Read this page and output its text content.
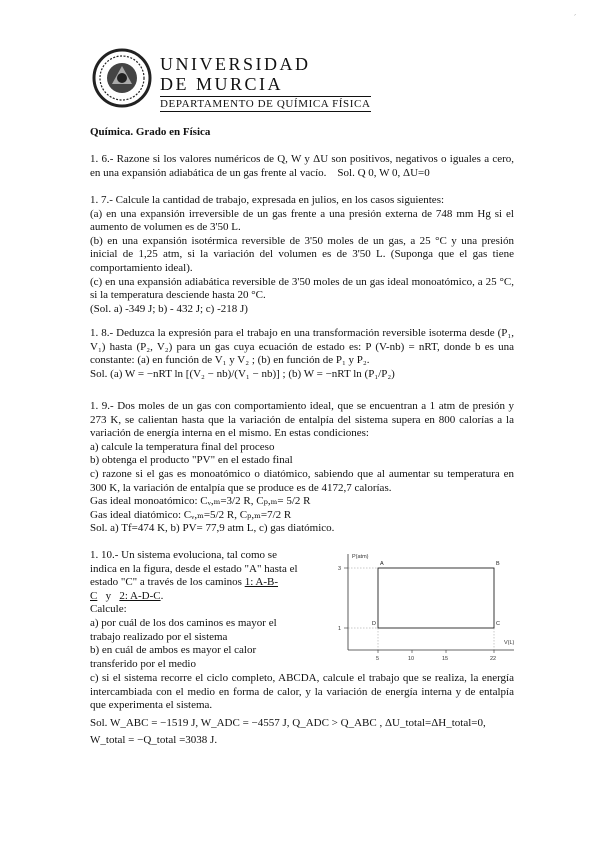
UNIVERSIDAD
DE MURCIA
DEPARTAMENTO DE QUÍMICA FÍSICA
´
Química. Grado en Física

1. 6.- Razone si los valores numéricos de Q, W y ΔU son positivos, negativos o iguales a cero, en una expansión adiabática de un gas frente al vacío. Sol. Q 0, W 0, ΔU=0

1. 7.- Calcule la cantidad de trabajo, expresada en julios, en los casos siguientes:

(a) en una expansión irreversible de un gas frente a una presión externa de 748 mm Hg si el aumento de volumen es de 3'50 L.

(b) en una expansión isotérmica reversible de 3'50 moles de un gas, a 25 °C y una presión inicial de 1,25 atm, si la variación del volumen es de 3'50 L. (Suponga que el gas tiene comportamiento ideal).

(c) en una expansión adiabática reversible de 3'50 moles de un gas ideal monoatómico, a 25 °C, si la temperatura desciende hasta 20 °C.

(Sol. a) -349 J; b) - 432 J; c) -218 J)

1. 8.- Deduzca la expresión para el trabajo en una transformación reversible isoterma desde (P₁, V₁) hasta (P₂, V₂) para un gas cuya ecuación de estado es: P (V-nb) = nRT, donde b es una constante: (a) en función de V₁ y V₂ ; (b) en función de P₁ y P₂.

Sol. (a) W = −nRT ln [(V₂ − nb)/(V₁ − nb)] ; (b) W = −nRT ln (P₁/P₂)

1. 9.- Dos moles de un gas con comportamiento ideal, que se encuentran a 1 atm de presión y 273 K, se calientan hasta que la variación de entalpía del sistema supera en 800 calorías a la variación de energía interna en el mismo. En estas condiciones:

a) calcule la temperatura final del proceso

b) obtenga el producto "PV" en el estado final

c) razone si el gas es monoatómico o diatómico, sabiendo que al aumentar su temperatura en 300 K, la variación de entalpía que se produce es de 4172,7 calorías.

Gas ideal monoatómico: Cᵥ,ₘ=3/2 R, Cₚ,ₘ= 5/2 R

Gas ideal diatómico: Cᵥ,ₘ=5/2 R, Cₚ,ₘ=7/2 R

Sol. a) Tf=474 K, b) PV= 77,9 atm L, c) gas diatómico.

1. 10.- Un sistema evoluciona, tal como se indica en la figura, desde el estado "A" hasta el estado "C" a través de los caminos 1: A-B-C y 2: A-D-C.

Calcule:

a) por cuál de los dos caminos es mayor el trabajo realizado por el sistema

b) en cuál de ambos es mayor el calor transferido por el medio

P(atm)
V(L)
3
1
5	10	15	22
A	B
C
D

c) si el sistema recorre el ciclo completo, ABCDA, calcule el trabajo que se realiza, la energía intercambiada con el medio en forma de calor, y la variación de energía interna y de entalpía que experimenta el sistema.

Sol. W_ABC = −1519 J, W_ADC = −4557 J, Q_ADC > Q_ABC , ΔU_total=ΔH_total=0,

W_total = −Q_total =3038 J.
